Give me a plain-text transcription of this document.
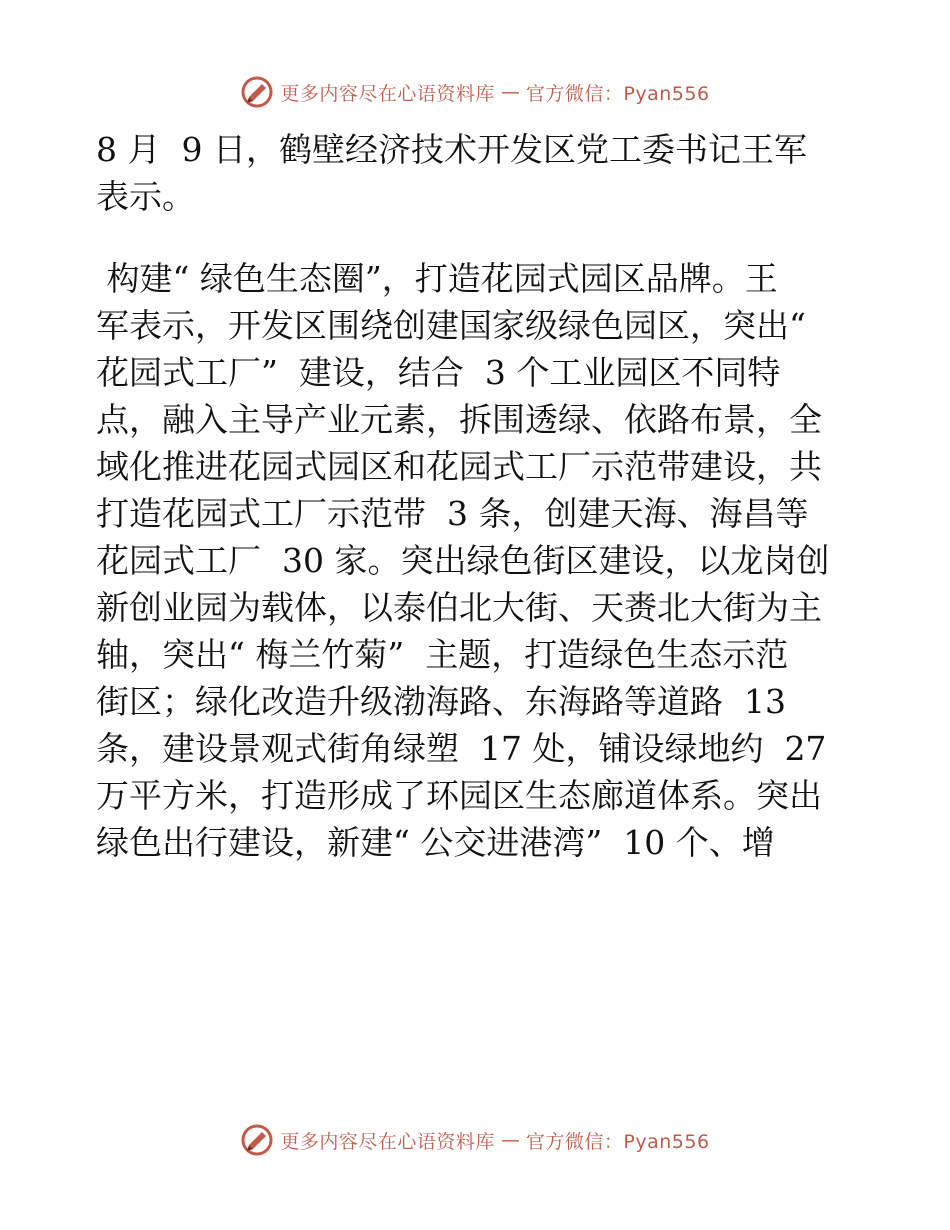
更多内容尽在心语资料库 — 官方微信：Pyan556
8 月  9 日，鹤壁经济技术开发区党工委书记王军
表示。
构建“ 绿色生态圈”，打造花园式园区品牌。王
军表示，开发区围绕创建国家级绿色园区，突出“
花园式工厂”  建设，结合  3 个工业园区不同特
点，融入主导产业元素，拆围透绿、依路布景，全
域化推进花园式园区和花园式工厂示范带建设，共
打造花园式工厂示范带  3 条，创建天海、海昌等
花园式工厂  30 家。突出绿色街区建设，以龙岗创
新创业园为载体，以泰伯北大街、天赉北大街为主
轴，突出“ 梅兰竹菊”  主题，打造绿色生态示范
街区；绿化改造升级渤海路、东海路等道路  13
条，建设景观式街角绿塑  17 处，铺设绿地约  27
万平方米，打造形成了环园区生态廊道体系。突出
绿色出行建设，新建“ 公交进港湾”  10 个、增
更多内容尽在心语资料库 — 官方微信：Pyan556
